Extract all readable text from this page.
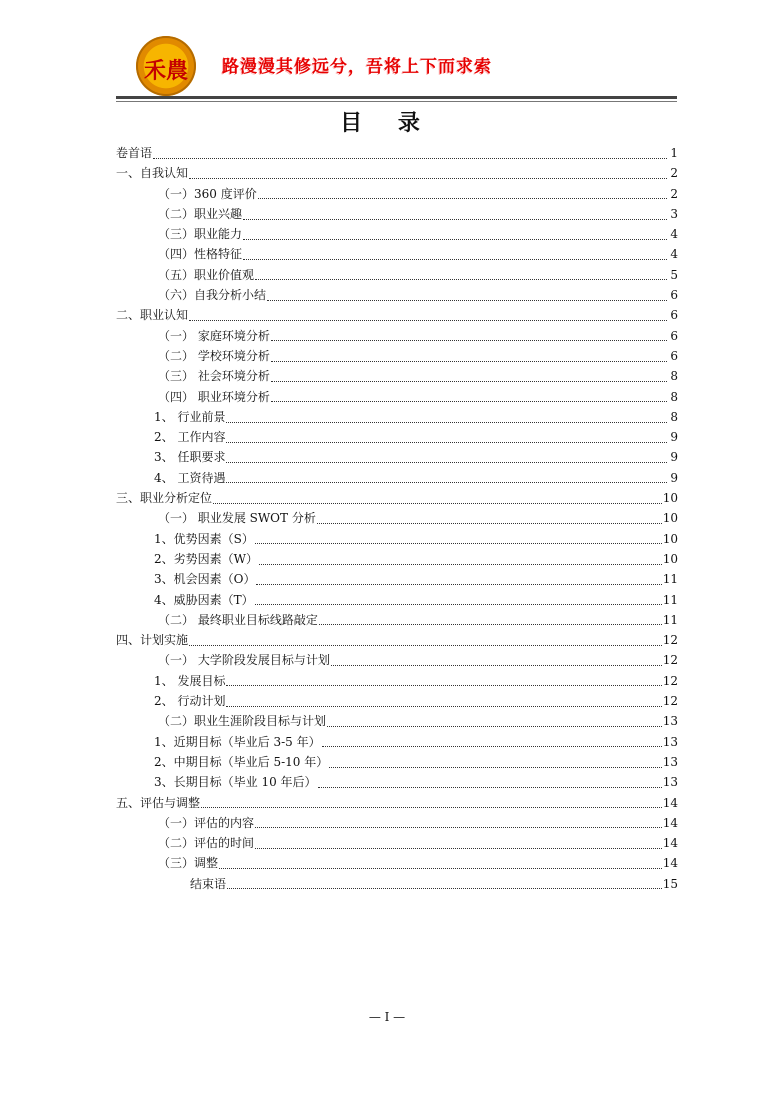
禾農	路漫漫其修远兮，吾将上下而求索
目 录
卷首语	1
一、自我认知	2
（一）360 度评价	2
（二）职业兴趣	3
（三）职业能力	4
（四）性格特征	4
（五）职业价值观	5
（六）自我分析小结	6
二、职业认知	6
（一） 家庭环境分析	6
（二） 学校环境分析	6
（三） 社会环境分析	8
（四） 职业环境分析	8
1、 行业前景	8
2、 工作内容	9
3、 任职要求	9
4、 工资待遇	9
三、职业分析定位	10
（一） 职业发展 SWOT 分析	10
1、优势因素（S）	10
2、劣势因素（W）	10
3、机会因素（O）	11
4、威胁因素（T）	11
（二） 最终职业目标线路敲定	11
四、计划实施	12
（一） 大学阶段发展目标与计划	12
1、 发展目标	12
2、 行动计划	12
（二）职业生涯阶段目标与计划	13
1、近期目标（毕业后 3-5 年）	13
2、中期目标（毕业后 5-10 年）	13
3、长期目标（毕业 10 年后）	13
五、评估与调整	14
（一）评估的内容	14
（二）评估的时间	14
（三）调整	14
结束语	15
— I —
